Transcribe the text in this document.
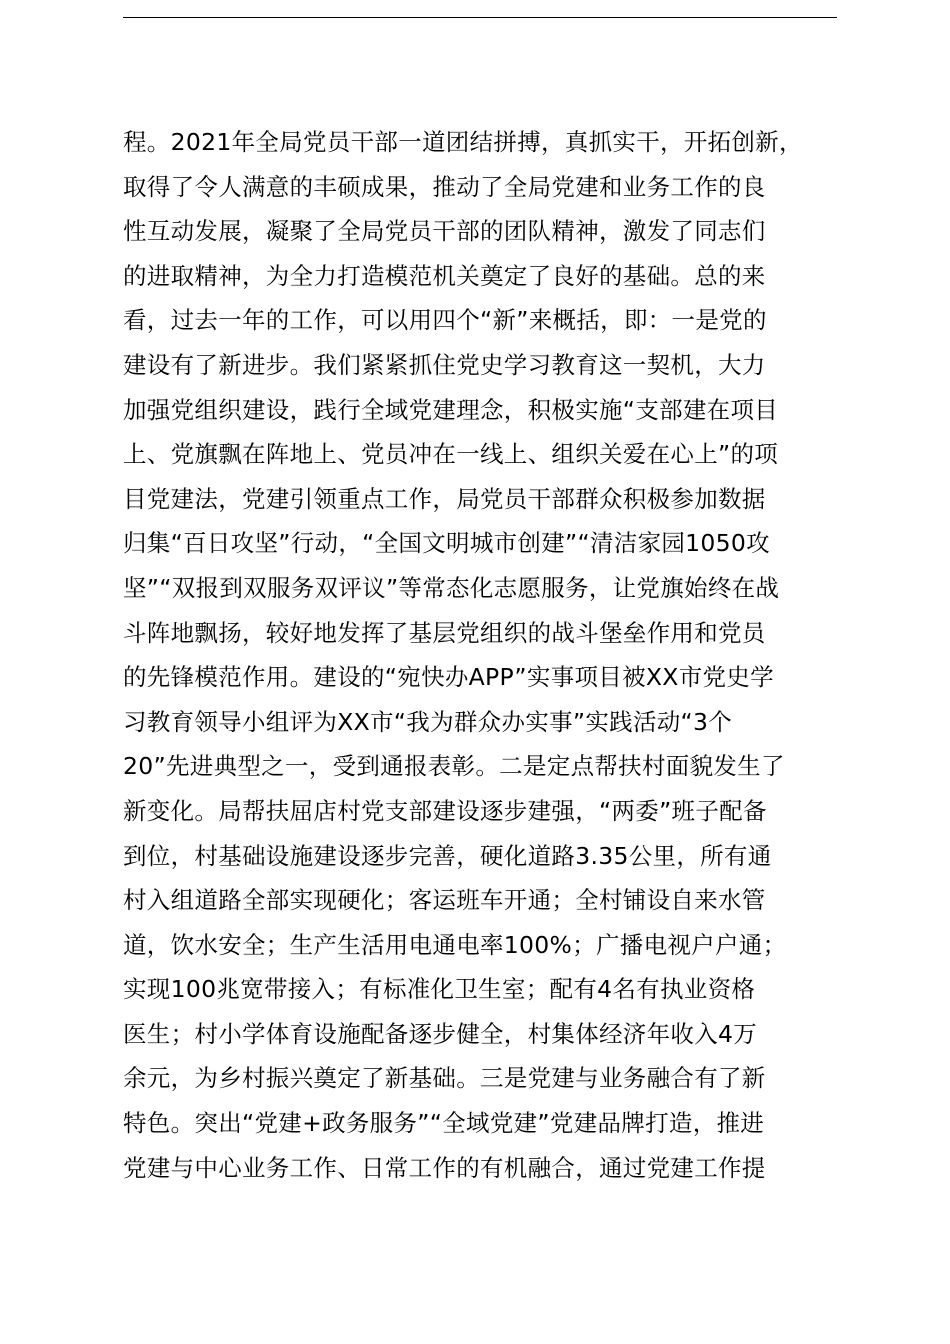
程。2021年全局党员干部一道团结拼搏，真抓实干，开拓创新，
取得了令人满意的丰硕成果，推动了全局党建和业务工作的良
性互动发展，凝聚了全局党员干部的团队精神，激发了同志们
的进取精神，为全力打造模范机关奠定了良好的基础。总的来
看，过去一年的工作，可以用四个“新”来概括，即：一是党的
建设有了新进步。我们紧紧抓住党史学习教育这一契机，大力
加强党组织建设，践行全域党建理念，积极实施“支部建在项目
上、党旗飘在阵地上、党员冲在一线上、组织关爱在心上”的项
目党建法，党建引领重点工作，局党员干部群众积极参加数据
归集“百日攻坚”行动，“全国文明城市创建”“清洁家园1050攻
坚”“双报到双服务双评议”等常态化志愿服务，让党旗始终在战
斗阵地飘扬，较好地发挥了基层党组织的战斗堡垒作用和党员
的先锋模范作用。建设的“宛快办APP”实事项目被XX市党史学
习教育领导小组评为XX市“我为群众办实事”实践活动“3个
20”先进典型之一，受到通报表彰。二是定点帮扶村面貌发生了
新变化。局帮扶屈店村党支部建设逐步建强，“两委”班子配备
到位，村基础设施建设逐步完善，硬化道路3.35公里，所有通
村入组道路全部实现硬化；客运班车开通；全村铺设自来水管
道，饮水安全；生产生活用电通电率100%；广播电视户户通；
实现100兆宽带接入；有标准化卫生室；配有4名有执业资格
医生；村小学体育设施配备逐步健全，村集体经济年收入4万
余元，为乡村振兴奠定了新基础。三是党建与业务融合有了新
特色。突出“党建+政务服务”“全域党建”党建品牌打造，推进
党建与中心业务工作、日常工作的有机融合，通过党建工作提
